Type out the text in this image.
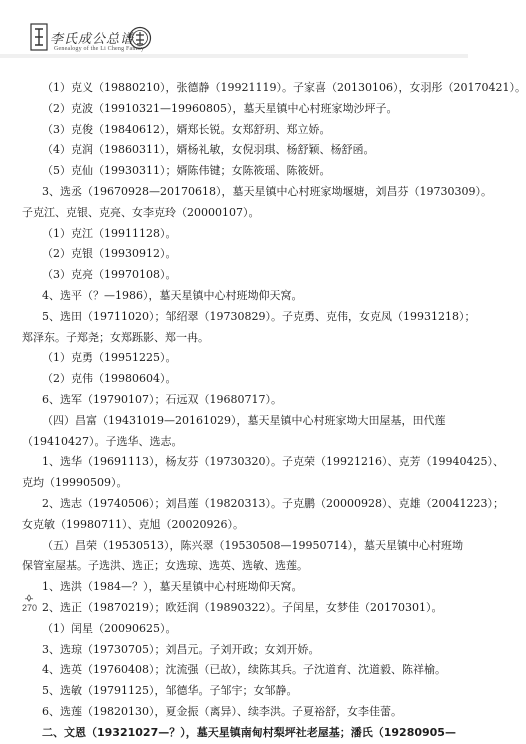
李氏成公总谱
Genealogy of the Li Cheng Family
（1）克义（19880210），张德静（19921119）。子家喜（20130106），女羽彤（20170421）。
（2）克波（19910321—19960805），墓天星镇中心村班家坳沙坪子。
（3）克俊（19840612），婿郑长锐。女郑舒玥、郑立娇。
（4）克润（19860311），婿杨礼敏，女倪羽琪、杨舒颖、杨舒函。
（5）克仙（19930311）；婿陈伟键；女陈筱瑶、陈筱妍。
3、选丞（19670928—20170618），墓天星镇中心村班家坳堰塘，刘昌芬（19730309）。
子克江、克银、克亮、女李克玲（20000107）。
（1）克江（19911128）。
（2）克银（19930912）。
（3）克亮（19970108）。
4、选平（？—1986），墓天星镇中心村班坳仰天窝。
5、选田（19711020）；邹绍翠（19730829）。子克勇、克伟，女克凤（19931218）；
郑泽东。子郑尧；女郑跞影、郑一冉。
（1）克勇（19951225）。
（2）克伟（19980604）。
6、选军（19790107）；石远双（19680717）。
（四）昌富（19431019—20161029），墓天星镇中心村班家坳大田屋基，田代莲
（19410427）。子选华、选志。
1、选华（19691113），杨友芬（19730320）。子克荣（19921216）、克芳（19940425）、
克均（19990509）。
2、选志（19740506）；刘昌莲（19820313）。子克鹏（20000928）、克雄（20041223）；
女克敏（19980711）、克旭（20020926）。
（五）昌荣（19530513），陈兴翠（19530508—19950714），墓天星镇中心村班坳
保管室屋基。子选洪、选正；女选琼、选英、选敏、选莲。
1、选洪（1984—？），墓天星镇中心村班坳仰天窝。
2、选正（19870219）；欧廷润（19890322）。子闰星，女梦佳（20170301）。
（1）闰星（20090625）。
3、选琼（19730705）；刘昌元。子刘开政；女刘开娇。
4、选英（19760408）；沈流强（已故），续陈其兵。子沈道育、沈道毅、陈祥榆。
5、选敏（19791125），邹德华。子邹宇；女邹静。
6、选莲（19820130），夏金振（离异）、续李洪。子夏裕舒，女李佳蕾。
二、文恩（19321027—？），墓天星镇南甸村梨坪社老屋基；潘氏（19280905—
270
